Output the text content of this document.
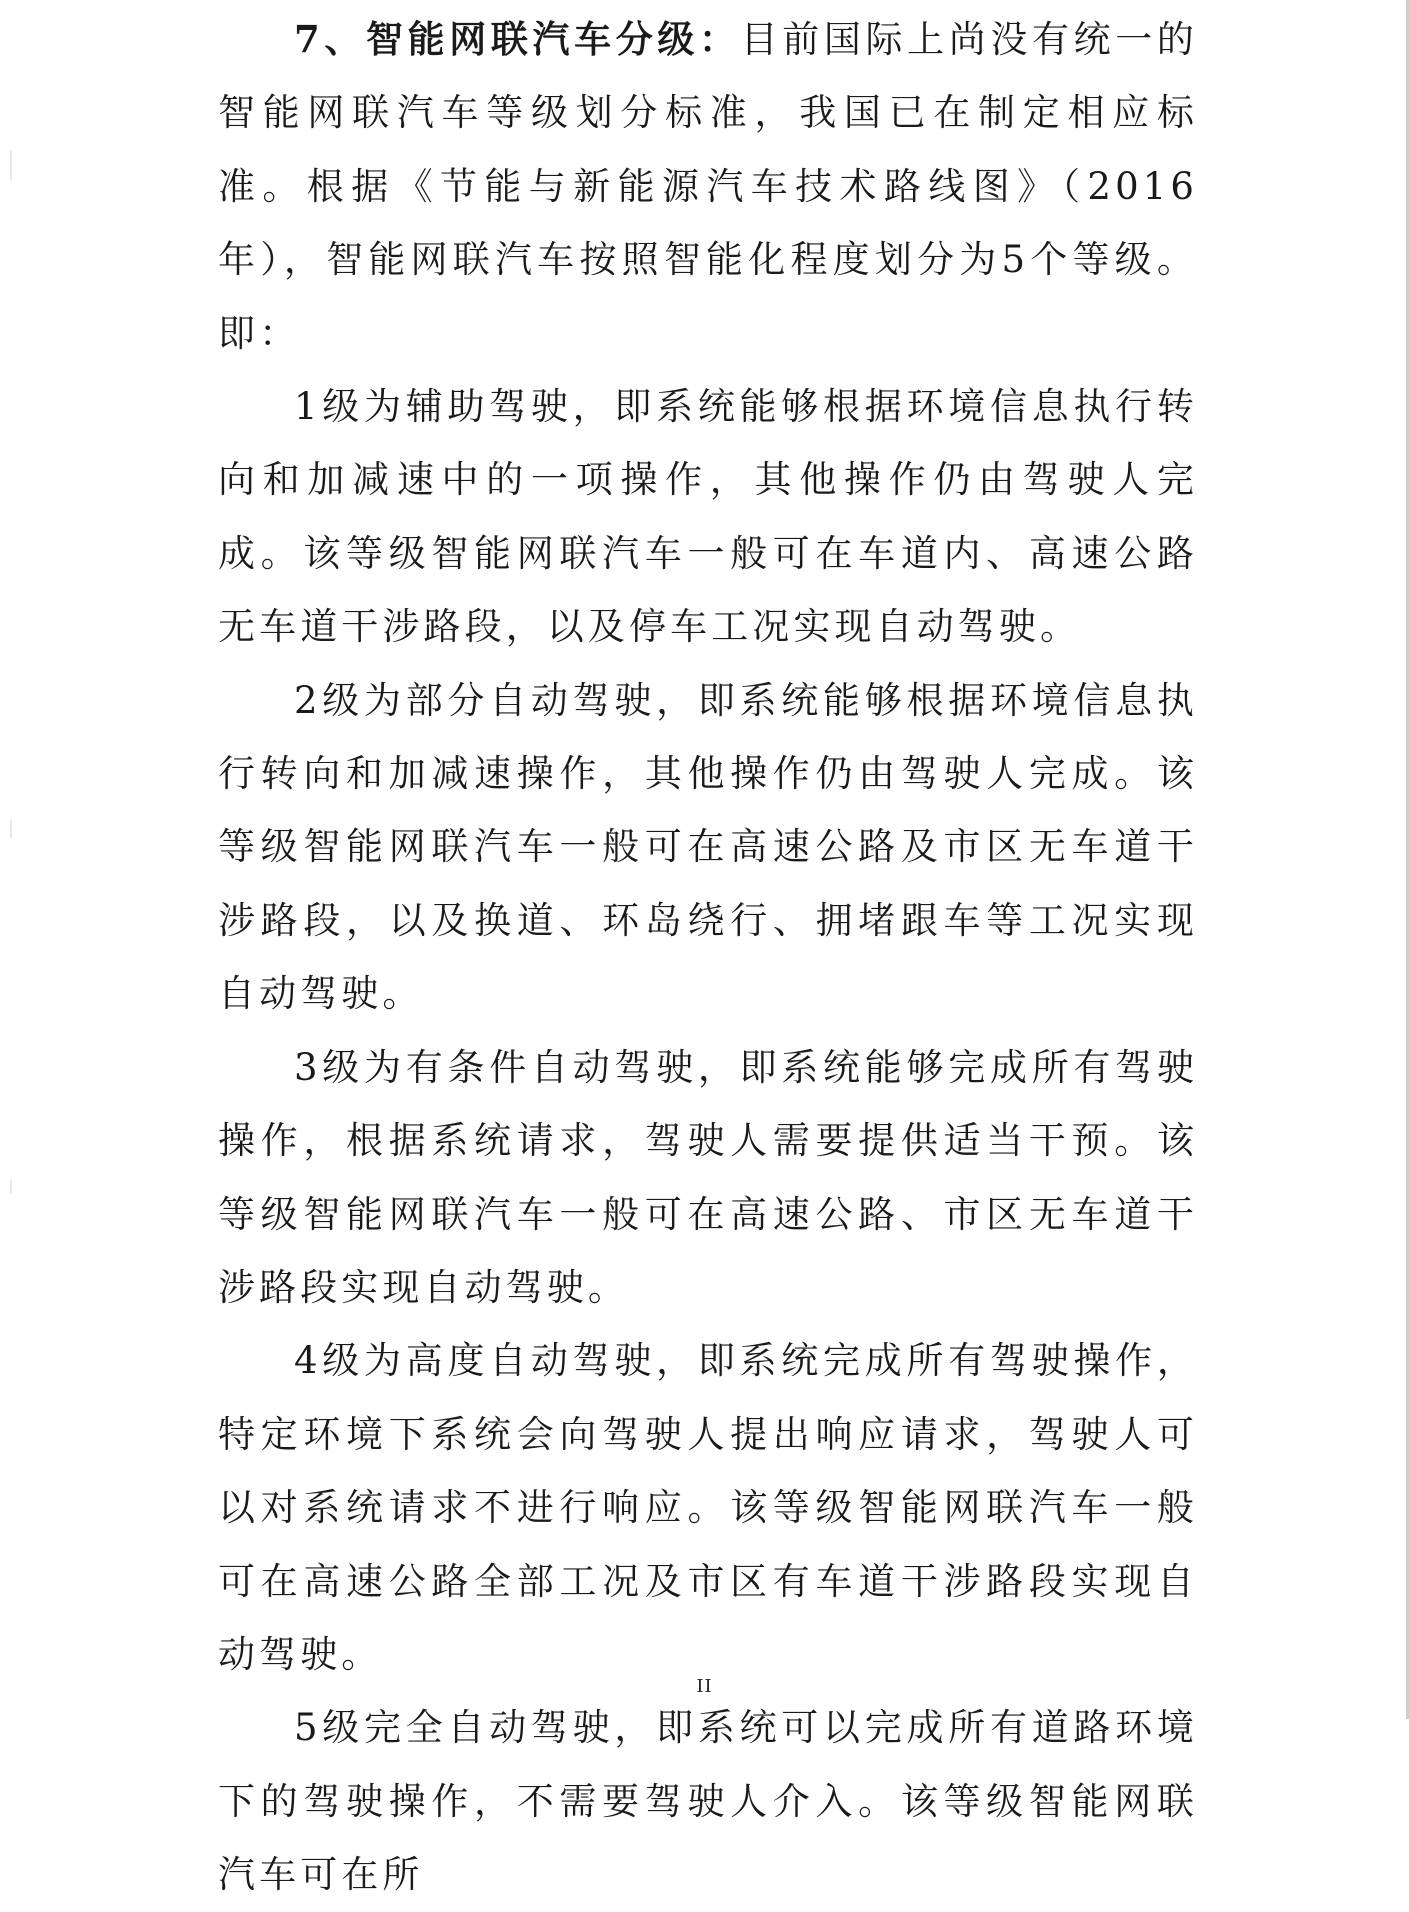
7、智能网联汽车分级：目前国际上尚没有统一的智能网联汽车等级划分标准，我国已在制定相应标准。根据《节能与新能源汽车技术路线图》（2016年），智能网联汽车按照智能化程度划分为5个等级。即：

1级为辅助驾驶，即系统能够根据环境信息执行转向和加减速中的一项操作，其他操作仍由驾驶人完成。该等级智能网联汽车一般可在车道内、高速公路无车道干涉路段，以及停车工况实现自动驾驶。

2级为部分自动驾驶，即系统能够根据环境信息执行转向和加减速操作，其他操作仍由驾驶人完成。该等级智能网联汽车一般可在高速公路及市区无车道干涉路段，以及换道、环岛绕行、拥堵跟车等工况实现自动驾驶。

3级为有条件自动驾驶，即系统能够完成所有驾驶操作，根据系统请求，驾驶人需要提供适当干预。该等级智能网联汽车一般可在高速公路、市区无车道干涉路段实现自动驾驶。

4级为高度自动驾驶，即系统完成所有驾驶操作，特定环境下系统会向驾驶人提出响应请求，驾驶人可以对系统请求不进行响应。该等级智能网联汽车一般可在高速公路全部工况及市区有车道干涉路段实现自动驾驶。

5级完全自动驾驶，即系统可以完成所有道路环境下的驾驶操作，不需要驾驶人介入。该等级智能网联汽车可在所

II
